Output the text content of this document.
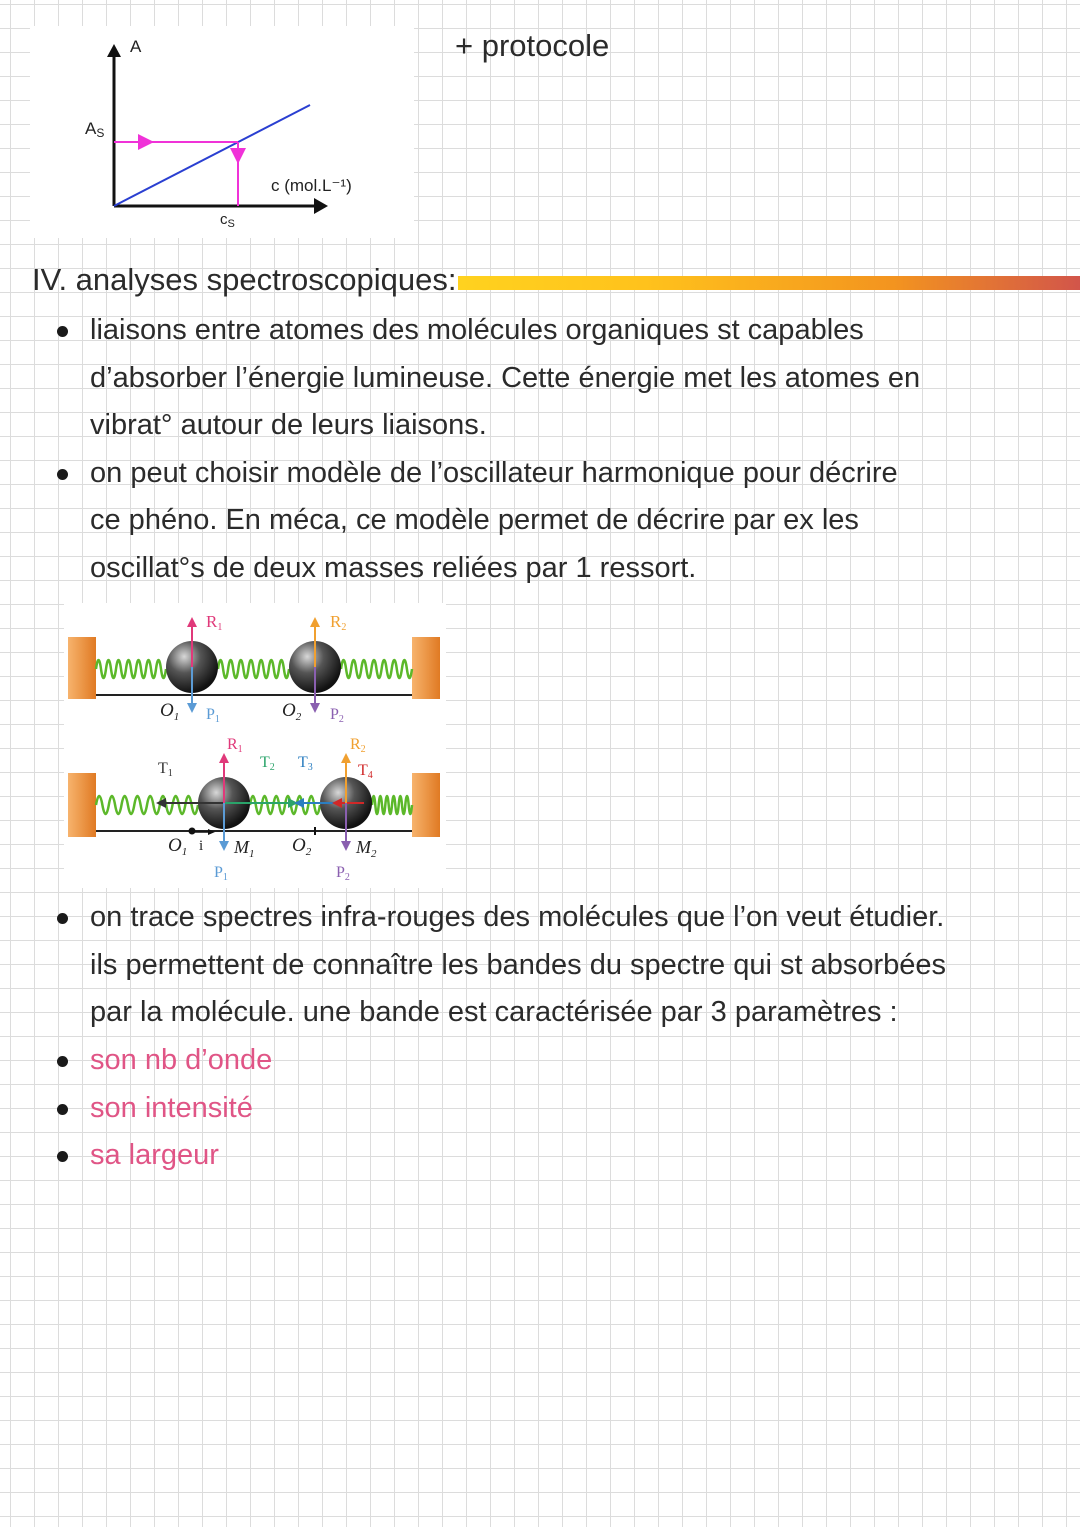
A
AS
c (mol.L⁻¹)
$c_S$
+ protocole
IV. analyses spectroscopiques:
liaisons entre atomes des molécules organiques st capables
d’absorber l’énergie lumineuse. Cette énergie met les atomes en
vibrat° autour de leurs liaisons.
on peut choisir modèle de l’oscillateur harmonique pour décrire
ce phéno. En méca, ce modèle permet de décrire par ex les
oscillat°s de deux masses reliées par 1 ressort.
R1	R2
$O_1$	$O_2$
P1	P2
R1	R2
T1
T2 T3	T4
$O_1$ i $M_1$ $O_2$ $M_2$
P1	P2
on trace spectres infra-rouges des molécules que l’on veut étudier.
ils permettent de connaître les bandes du spectre qui st absorbées
par la molécule. une bande est caractérisée par 3 paramètres :
son nb d’onde
son intensité
sa largeur
